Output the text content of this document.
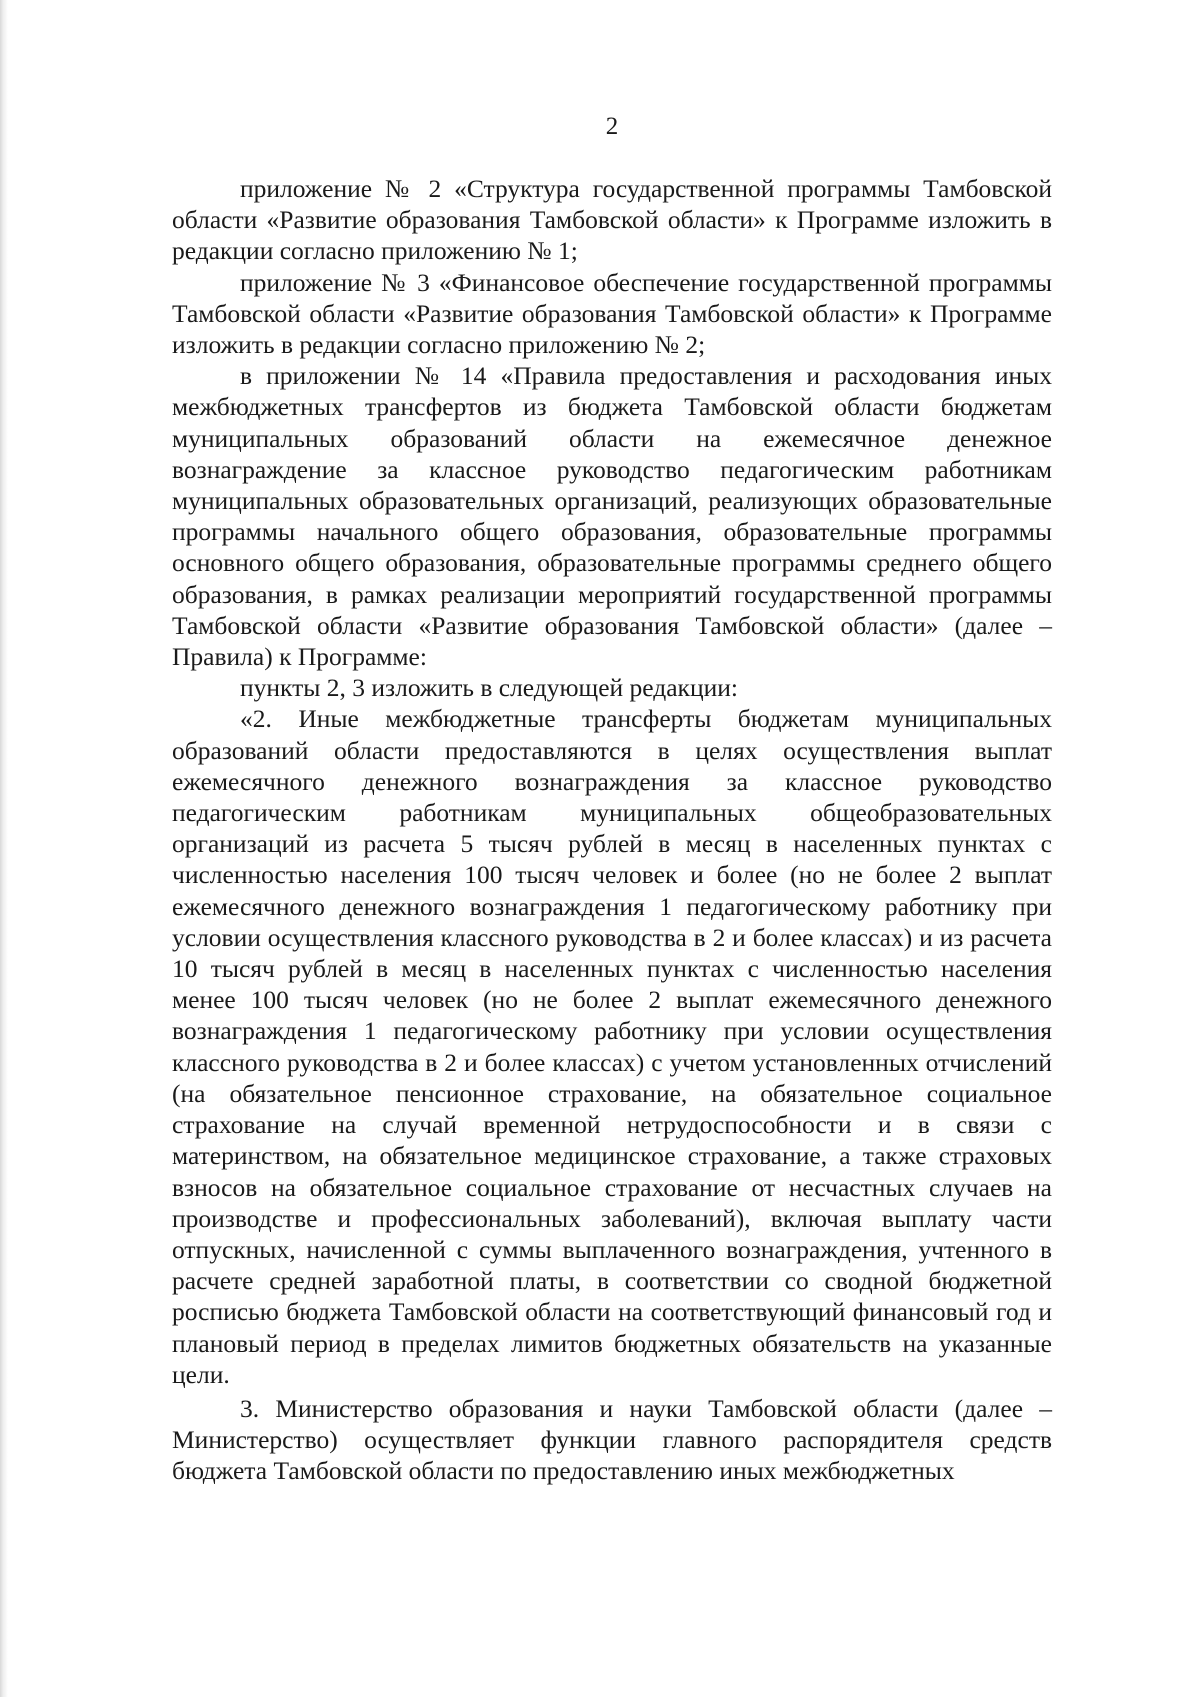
2

приложение № 2 «Структура государственной программы Тамбовской области «Развитие образования Тамбовской области» к Программе изложить в редакции согласно приложению № 1;

приложение № 3 «Финансовое обеспечение государственной программы Тамбовской области «Развитие образования Тамбовской области» к Программе изложить в редакции согласно приложению № 2;

в приложении № 14 «Правила предоставления и расходования иных межбюджетных трансфертов из бюджета Тамбовской области бюджетам муниципальных образований области на ежемесячное денежное вознаграждение за классное руководство педагогическим работникам муниципальных образовательных организаций, реализующих образовательные программы начального общего образования, образовательные программы основного общего образования, образовательные программы среднего общего образования, в рамках реализации мероприятий государственной программы Тамбовской области «Развитие образования Тамбовской области» (далее – Правила) к Программе:

пункты 2, 3 изложить в следующей редакции:

«2. Иные межбюджетные трансферты бюджетам муниципальных образований области предоставляются в целях осуществления выплат ежемесячного денежного вознаграждения за классное руководство педагогическим работникам муниципальных общеобразовательных организаций из расчета 5 тысяч рублей в месяц в населенных пунктах с численностью населения 100 тысяч человек и более (но не более 2 выплат ежемесячного денежного вознаграждения 1 педагогическому работнику при условии осуществления классного руководства в 2 и более классах) и из расчета 10 тысяч рублей в месяц в населенных пунктах с численностью населения менее 100 тысяч человек (но не более 2 выплат ежемесячного денежного вознаграждения 1 педагогическому работнику при условии осуществления классного руководства в 2 и более классах) с учетом установленных отчислений (на обязательное пенсионное страхование, на обязательное социальное страхование на случай временной нетрудоспособности и в связи с материнством, на обязательное медицинское страхование, а также страховых взносов на обязательное социальное страхование от несчастных случаев на производстве и профессиональных заболеваний), включая выплату части отпускных, начисленной с суммы выплаченного вознаграждения, учтенного в расчете средней заработной платы, в соответствии со сводной бюджетной росписью бюджета Тамбовской области на соответствующий финансовый год и плановый период в пределах лимитов бюджетных обязательств на указанные цели.

3. Министерство образования и науки Тамбовской области (далее – Министерство) осуществляет функции главного распорядителя средств бюджета Тамбовской области по предоставлению иных межбюджетных
